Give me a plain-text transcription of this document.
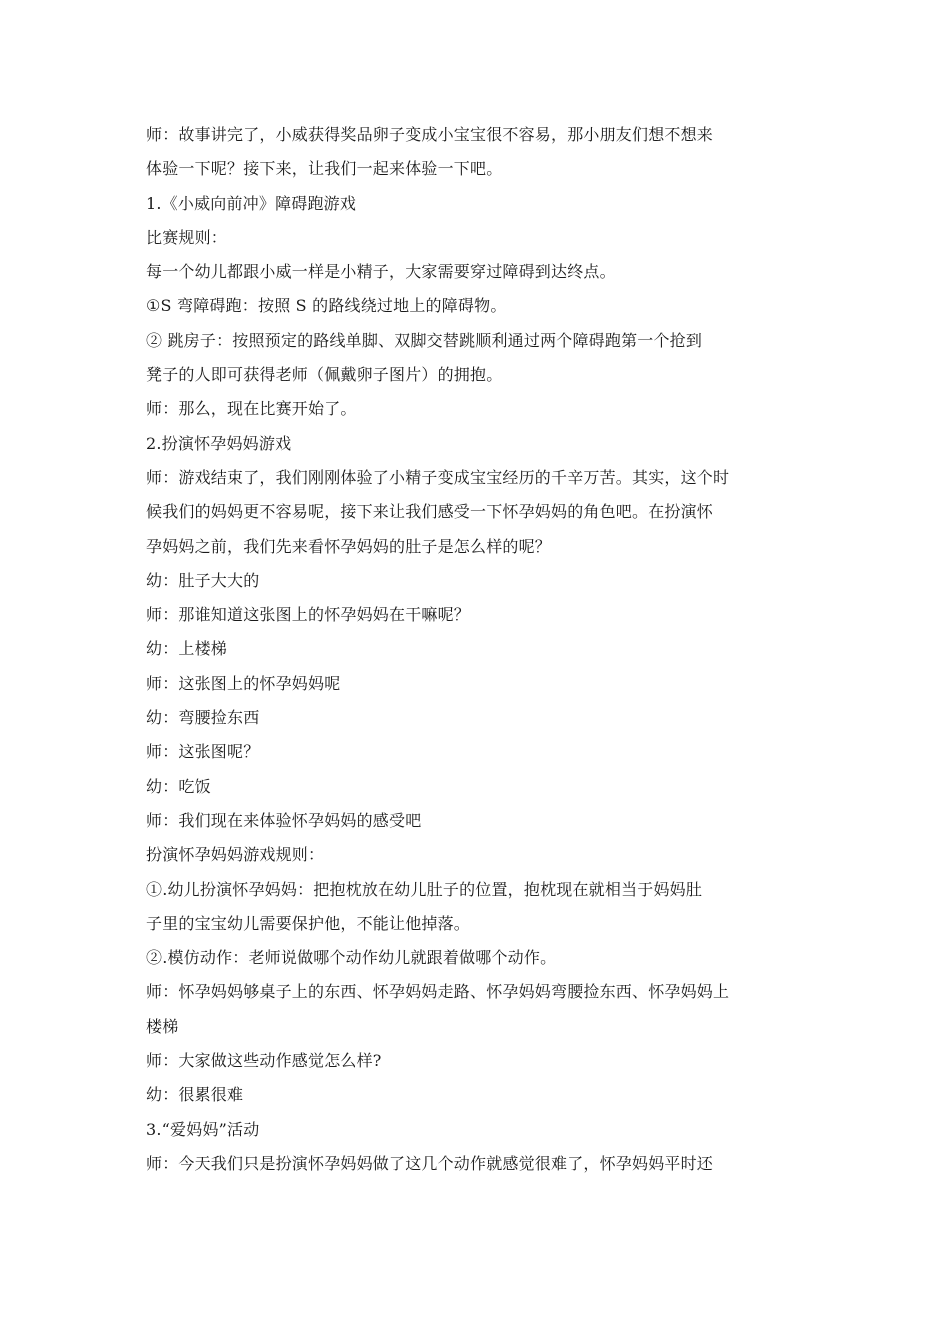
师：故事讲完了，小威获得奖品卵子变成小宝宝很不容易，那小朋友们想不想来
体验一下呢？接下来，让我们一起来体验一下吧。
1.《小威向前冲》障碍跑游戏
比赛规则：
每一个幼儿都跟小威一样是小精子，大家需要穿过障碍到达终点。
①S 弯障碍跑：按照 S 的路线绕过地上的障碍物。
② 跳房子：按照预定的路线单脚、双脚交替跳顺利通过两个障碍跑第一个抢到
凳子的人即可获得老师（佩戴卵子图片）的拥抱。
师：那么，现在比赛开始了。
2.扮演怀孕妈妈游戏
师：游戏结束了，我们刚刚体验了小精子变成宝宝经历的千辛万苦。其实，这个时
候我们的妈妈更不容易呢，接下来让我们感受一下怀孕妈妈的角色吧。在扮演怀
孕妈妈之前，我们先来看怀孕妈妈的肚子是怎么样的呢？
幼：肚子大大的
师：那谁知道这张图上的怀孕妈妈在干嘛呢？
幼：上楼梯
师：这张图上的怀孕妈妈呢
幼：弯腰捡东西
师：这张图呢？
幼：吃饭
师：我们现在来体验怀孕妈妈的感受吧
扮演怀孕妈妈游戏规则：
①.幼儿扮演怀孕妈妈：把抱枕放在幼儿肚子的位置，抱枕现在就相当于妈妈肚
子里的宝宝幼儿需要保护他，不能让他掉落。
②.模仿动作：老师说做哪个动作幼儿就跟着做哪个动作。
师：怀孕妈妈够桌子上的东西、怀孕妈妈走路、怀孕妈妈弯腰捡东西、怀孕妈妈上
楼梯
师：大家做这些动作感觉怎么样?
幼：很累很难
3.“爱妈妈”活动
师：今天我们只是扮演怀孕妈妈做了这几个动作就感觉很难了，怀孕妈妈平时还
